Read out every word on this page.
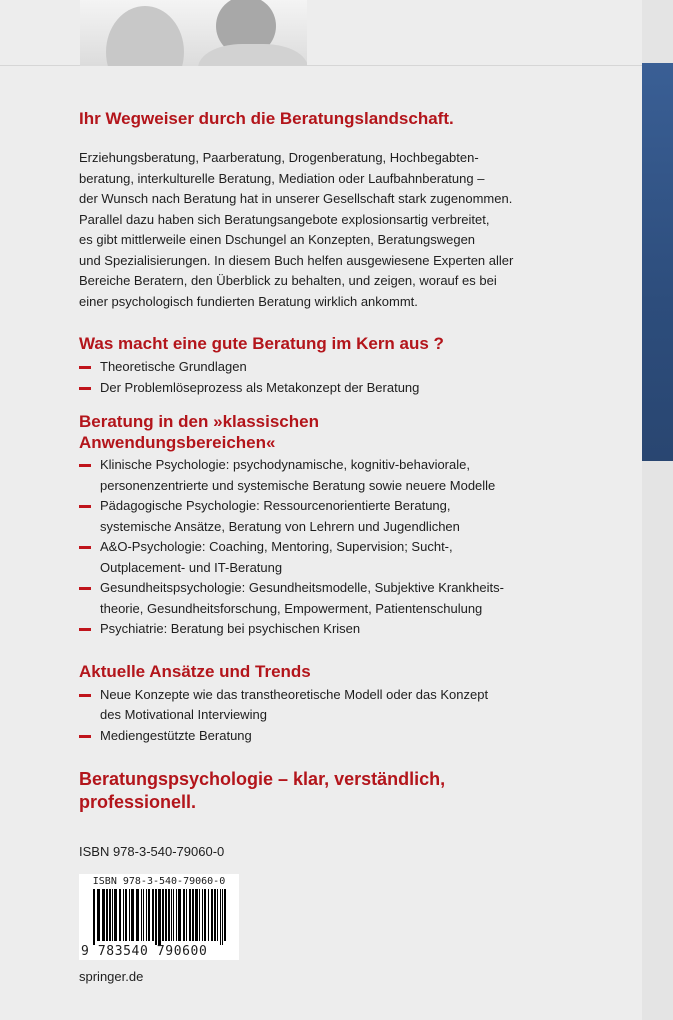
Ihr Wegweiser durch die Beratungslandschaft.
Erziehungsberatung, Paarberatung, Drogenberatung, Hochbegabten-
beratung, interkulturelle Beratung, Mediation oder Laufbahnberatung –
der Wunsch nach Beratung hat in unserer Gesellschaft stark zugenommen.
Parallel dazu haben sich Beratungsangebote explosionsartig verbreitet,
es gibt mittlerweile einen Dschungel an Konzepten, Beratungswegen
und Spezialisierungen. In diesem Buch helfen ausgewiesene Experten aller
Bereiche Beratern, den Überblick zu behalten, und zeigen, worauf es bei
einer psychologisch fundierten Beratung wirklich ankommt.
Was macht eine gute Beratung im Kern aus ?
Theoretische Grundlagen
Der Problemlöseprozess als Metakonzept der Beratung
Beratung in den »klassischen Anwendungsbereichen«
Klinische Psychologie: psychodynamische, kognitiv-behaviorale,
personenzentrierte und systemische Beratung sowie neuere Modelle
Pädagogische Psychologie: Ressourcenorientierte Beratung,
systemische Ansätze, Beratung von Lehrern und Jugendlichen
A&O-Psychologie: Coaching, Mentoring, Supervision; Sucht-,
Outplacement- und IT-Beratung
Gesundheitspsychologie: Gesundheitsmodelle, Subjektive Krankheits-
theorie, Gesundheitsforschung, Empowerment, Patientenschulung
Psychiatrie: Beratung bei psychischen Krisen
Aktuelle Ansätze und Trends
Neue Konzepte wie das transtheoretische Modell oder das Konzept
des Motivational Interviewing
Mediengestützte Beratung
Beratungspsychologie – klar, verständlich,
professionell.
ISBN 978-3-540-79060-0
ISBN 978-3-540-79060-0
9 783540 790600
springer.de
